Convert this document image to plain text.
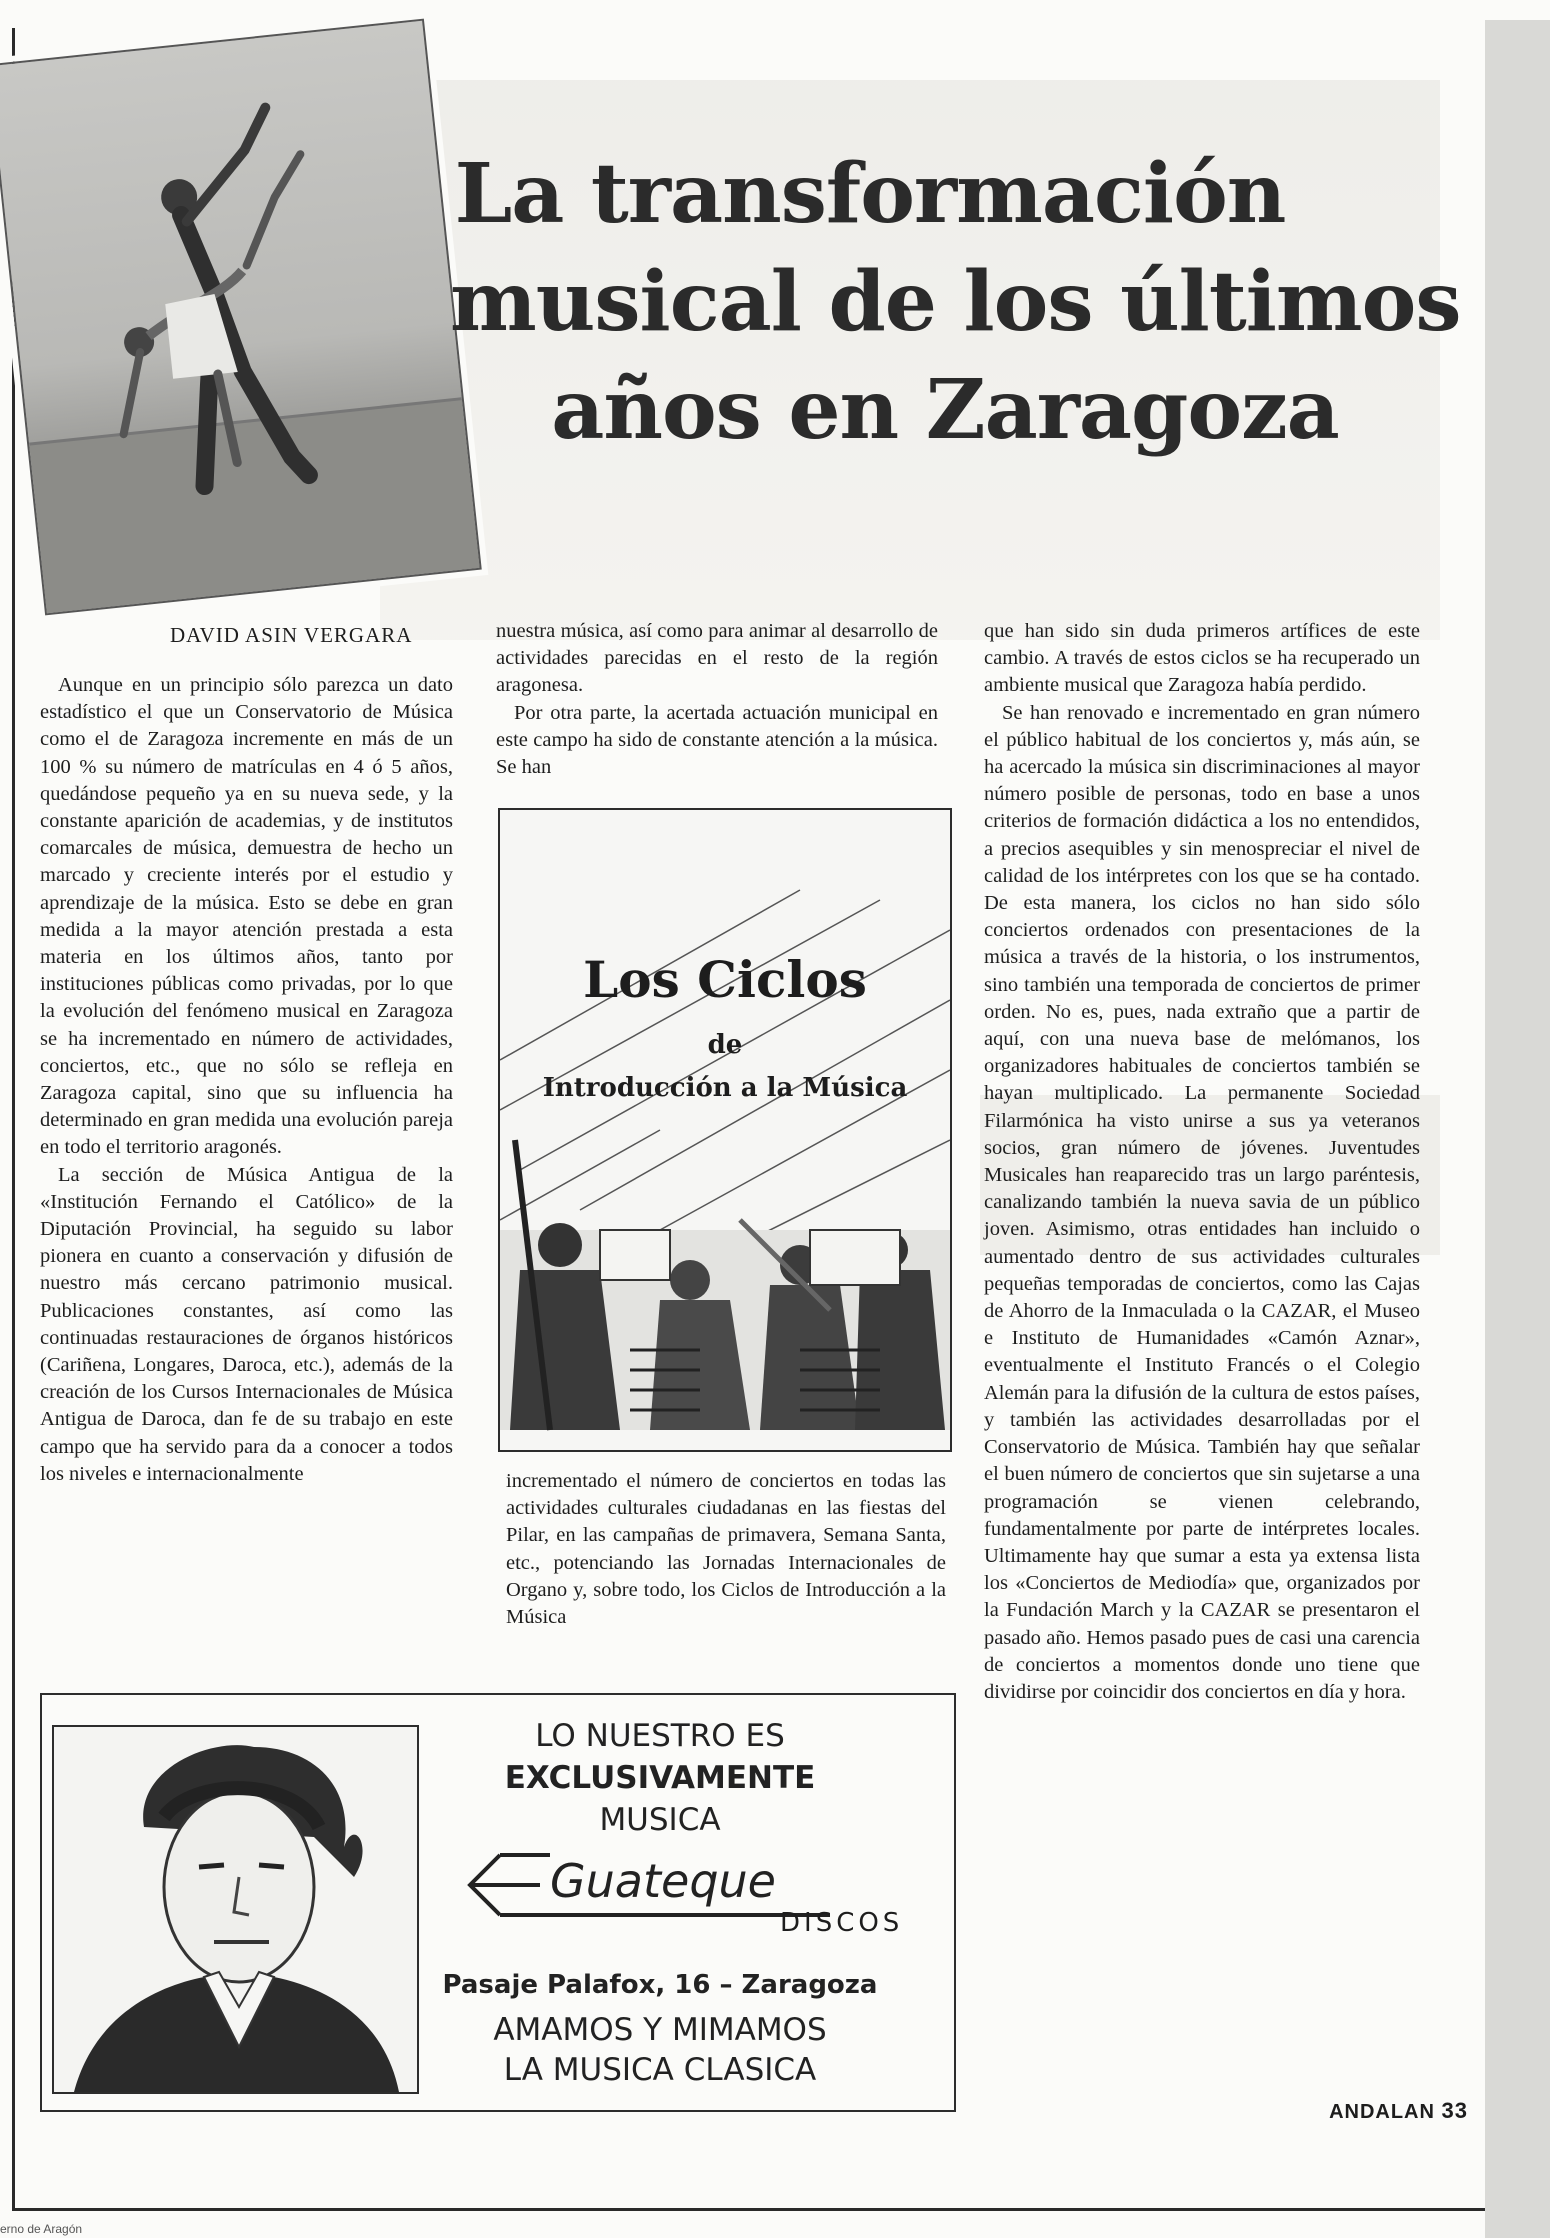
La transformación
musical de los últimos
años en Zaragoza
DAVID ASIN VERGARA

Aunque en un principio sólo parezca un dato estadístico el que un Conservatorio de Música como el de Zaragoza incremente en más de un 100 % su número de matrículas en 4 ó 5 años, quedándose pequeño ya en su nueva sede, y la constante aparición de academias, y de institutos comarcales de música, demuestra de hecho un marcado y creciente interés por el estudio y aprendizaje de la música. Esto se debe en gran medida a la mayor atención prestada a esta materia en los últimos años, tanto por instituciones públicas como privadas, por lo que la evolución del fenómeno musical en Zaragoza se ha incrementado en número de actividades, conciertos, etc., que no sólo se refleja en Zaragoza capital, sino que su influencia ha determinado en gran medida una evolución pareja en todo el territorio aragonés.

La sección de Música Antigua de la «Institución Fernando el Católico» de la Diputación Provincial, ha seguido su labor pionera en cuanto a conservación y difusión de nuestro más cercano patrimonio musical. Publicaciones constantes, así como las continuadas restauraciones de órganos históricos (Cariñena, Longares, Daroca, etc.), además de la creación de los Cursos Internacionales de Música Antigua de Daroca, dan fe de su trabajo en este campo que ha servido para da a conocer a todos los niveles e internacionalmente

nuestra música, así como para animar al desarrollo de actividades parecidas en el resto de la región aragonesa.

Por otra parte, la acertada actuación municipal en este campo ha sido de constante atención a la música. Se han

Los Ciclos
de
Introducción a la Música

incrementado el número de conciertos en todas las actividades culturales ciudadanas en las fiestas del Pilar, en las campañas de primavera, Semana Santa, etc., potenciando las Jornadas Internacionales de Organo y, sobre todo, los Ciclos de Introducción a la Música

que han sido sin duda primeros artífices de este cambio. A través de estos ciclos se ha recuperado un ambiente musical que Zaragoza había perdido.

Se han renovado e incrementado en gran número el público habitual de los conciertos y, más aún, se ha acercado la música sin discriminaciones al mayor número posible de personas, todo en base a unos criterios de formación didáctica a los no entendidos, a precios asequibles y sin menospreciar el nivel de calidad de los intérpretes con los que se ha contado. De esta manera, los ciclos no han sido sólo conciertos ordenados con presentaciones de la música a través de la historia, o los instrumentos, sino también una temporada de conciertos de primer orden. No es, pues, nada extraño que a partir de aquí, con una nueva base de melómanos, los organizadores habituales de conciertos también se hayan multiplicado. La permanente Sociedad Filarmónica ha visto unirse a sus ya veteranos socios, gran número de jóvenes. Juventudes Musicales han reaparecido tras un largo paréntesis, canalizando también la nueva savia de un público joven. Asimismo, otras entidades han incluido o aumentado dentro de sus actividades culturales pequeñas temporadas de conciertos, como las Cajas de Ahorro de la Inmaculada o la CAZAR, el Museo e Instituto de Humanidades «Camón Aznar», eventualmente el Instituto Francés o el Colegio Alemán para la difusión de la cultura de estos países, y también las actividades desarrolladas por el Conservatorio de Música. También hay que señalar el buen número de conciertos que sin sujetarse a una programación se vienen celebrando, fundamentalmente por parte de intérpretes locales. Ultimamente hay que sumar a esta ya extensa lista los «Conciertos de Mediodía» que, organizados por la Fundación March y la CAZAR se presentaron el pasado año. Hemos pasado pues de casi una carencia de conciertos a momentos donde uno tiene que dividirse por coincidir dos conciertos en día y hora.

LO NUESTRO ES
EXCLUSIVAMENTE
MUSICA
Guateque
DISCOS
Pasaje Palafox, 16 – Zaragoza
AMAMOS Y MIMAMOS
LA MUSICA CLASICA
ANDALAN 33
erno de Aragón
